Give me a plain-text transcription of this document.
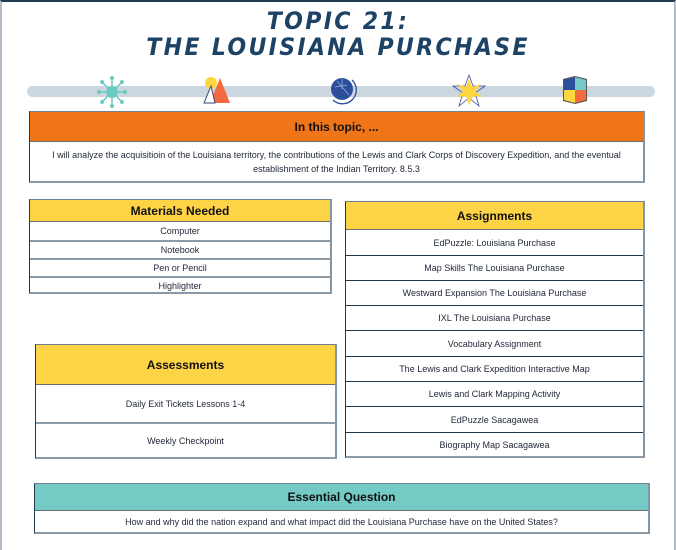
TOPIC 21:
THE LOUISIANA PURCHASE
In this topic, ...
I will analyze the acquisitioin of the Louisiana territory, the contributions of the Lewis and Clark Corps of Discovery Expedition, and the eventual establishment of the Indian Territory. 8.5.3
Materials Needed
Computer
Notebook
Pen or Pencil
Highlighter
Assignments
EdPuzzle: Louisiana Purchase
Map Skills The Louisiana Purchase
Westward Expansion The Louisiana Purchase
IXL The Louisiana Purchase
Vocabulary Assignment
The Lewis and Clark Expedition Interactive Map
Lewis and Clark Mapping Activity
EdPuzzle Sacagawea
Biography Map Sacagawea
Assessments
Daily Exit Tickets Lessons 1-4
Weekly Checkpoint
Essential Question
How and why did the nation expand and what impact did the Louisiana Purchase have on the United States?
